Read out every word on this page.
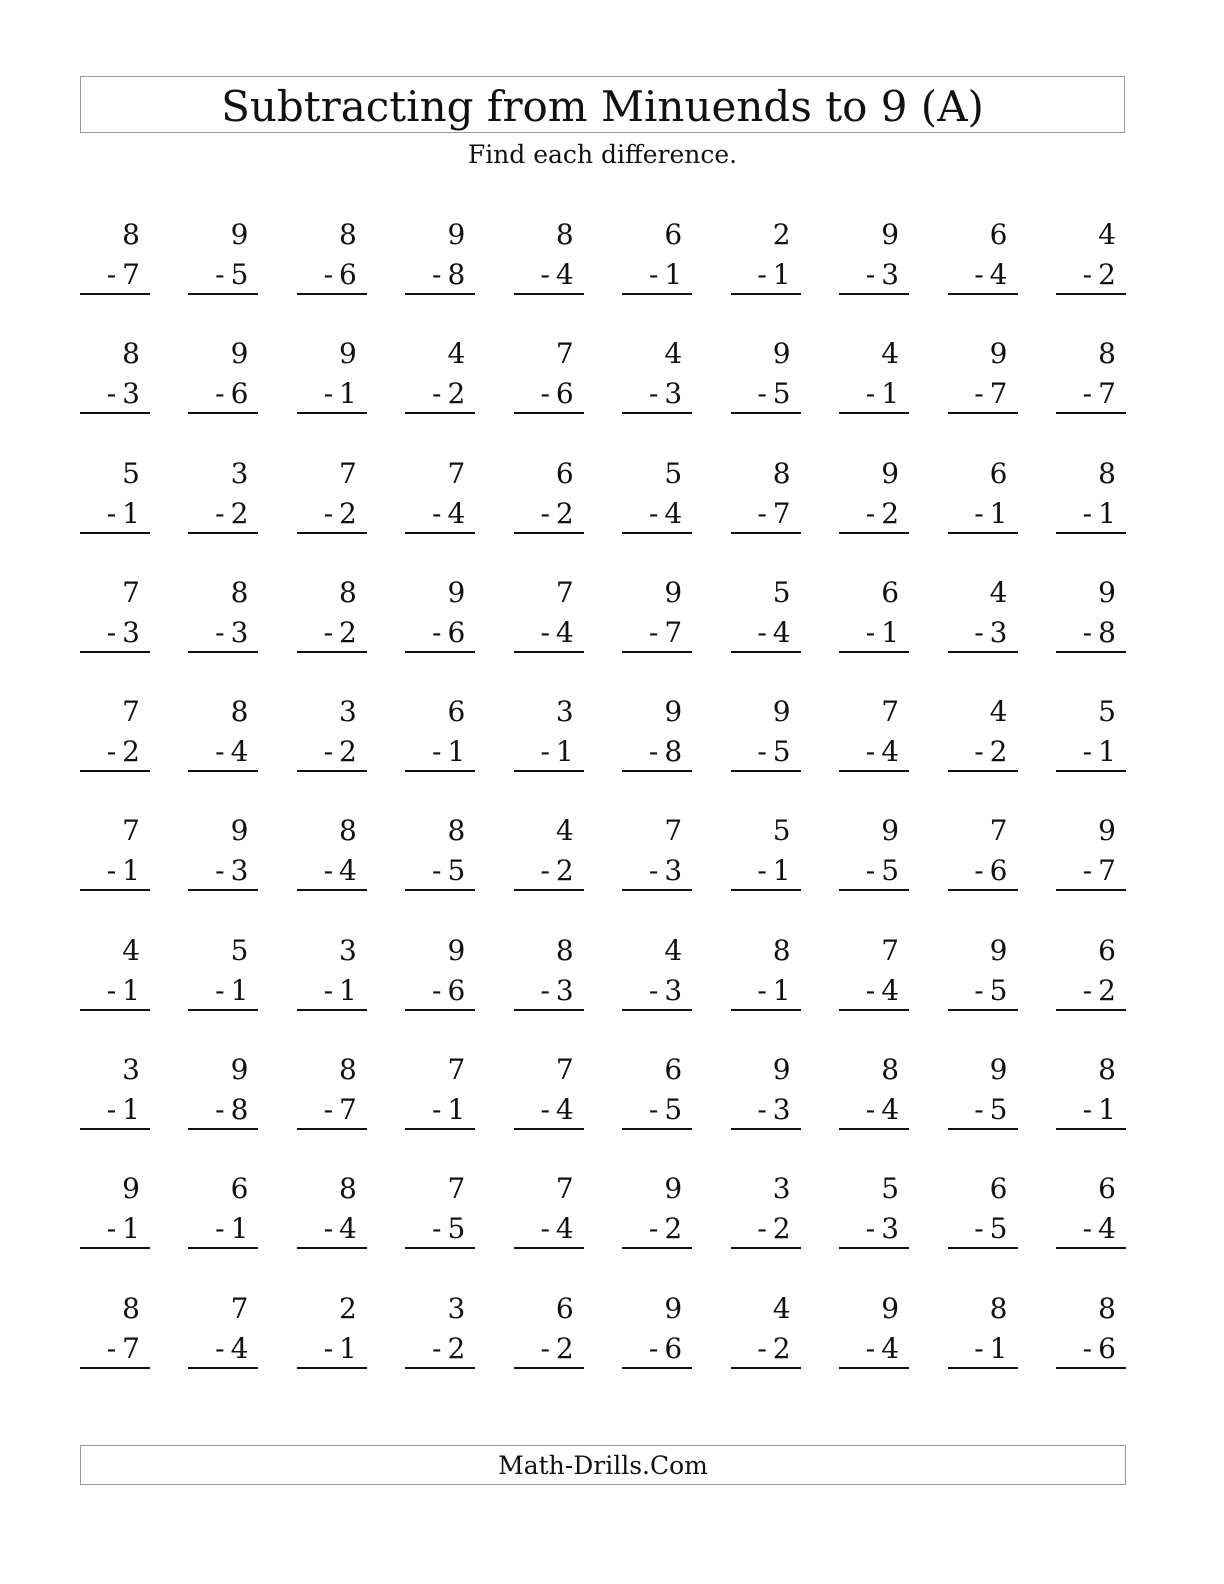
Subtracting from Minuends to 9 (A)
Find each difference.
8
- 7
9
- 5
8
- 6
9
- 8
8
- 4
6
- 1
2
- 1
9
- 3
6
- 4
4
- 2
8
- 3
9
- 6
9
- 1
4
- 2
7
- 6
4
- 3
9
- 5
4
- 1
9
- 7
8
- 7
5
- 1
3
- 2
7
- 2
7
- 4
6
- 2
5
- 4
8
- 7
9
- 2
6
- 1
8
- 1
7
- 3
8
- 3
8
- 2
9
- 6
7
- 4
9
- 7
5
- 4
6
- 1
4
- 3
9
- 8
7
- 2
8
- 4
3
- 2
6
- 1
3
- 1
9
- 8
9
- 5
7
- 4
4
- 2
5
- 1
7
- 1
9
- 3
8
- 4
8
- 5
4
- 2
7
- 3
5
- 1
9
- 5
7
- 6
9
- 7
4
- 1
5
- 1
3
- 1
9
- 6
8
- 3
4
- 3
8
- 1
7
- 4
9
- 5
6
- 2
3
- 1
9
- 8
8
- 7
7
- 1
7
- 4
6
- 5
9
- 3
8
- 4
9
- 5
8
- 1
9
- 1
6
- 1
8
- 4
7
- 5
7
- 4
9
- 2
3
- 2
5
- 3
6
- 5
6
- 4
8
- 7
7
- 4
2
- 1
3
- 2
6
- 2
9
- 6
4
- 2
9
- 4
8
- 1
8
- 6
Math-Drills.Com
